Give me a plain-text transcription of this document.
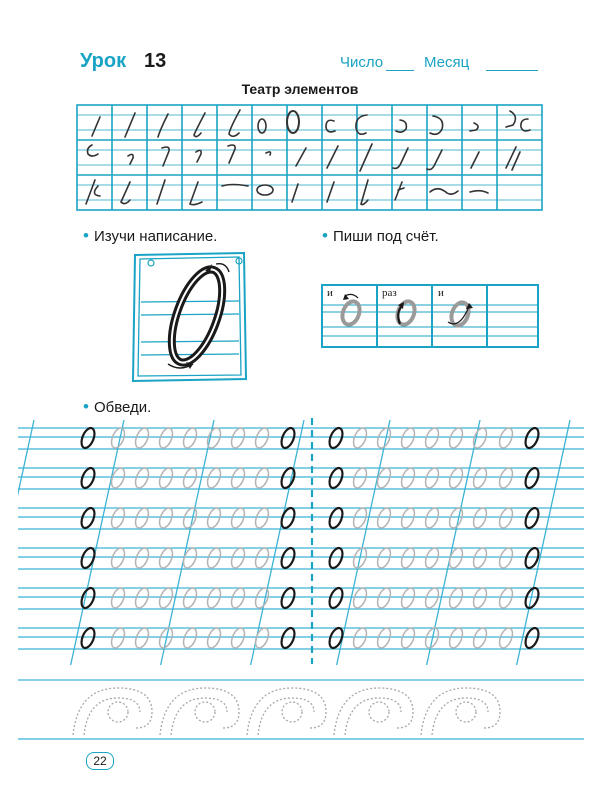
Урок 13	Число	Месяц
Театр элементов
• Изучи написание.	• Пиши под счёт.
• Обведи.
и	раз	и
22
